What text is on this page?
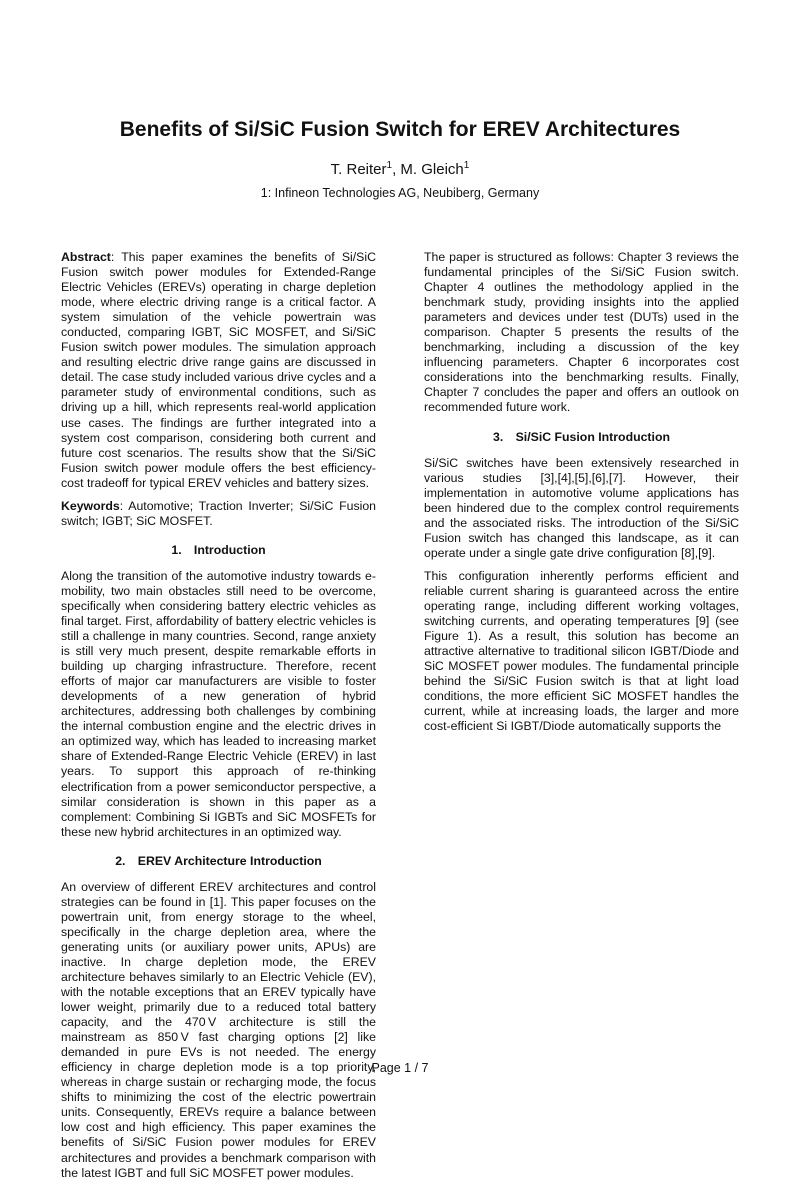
Benefits of Si/SiC Fusion Switch for EREV Architectures
T. Reiter$^1$, M. Gleich$^1$
1: Infineon Technologies AG, Neubiberg, Germany

Abstract: This paper examines the benefits of Si/SiC Fusion switch power modules for Extended-Range Electric Vehicles (EREVs) operating in charge depletion mode, where electric driving range is a critical factor. A system simulation of the vehicle powertrain was conducted, comparing IGBT, SiC MOSFET, and Si/SiC Fusion switch power modules. The simulation approach and resulting electric drive range gains are discussed in detail. The case study included various drive cycles and a parameter study of environmental conditions, such as driving up a hill, which represents real-world application use cases. The findings are further integrated into a system cost comparison, considering both current and future cost scenarios. The results show that the Si/SiC Fusion switch power module offers the best efficiency-cost tradeoff for typical EREV vehicles and battery sizes.

Keywords: Automotive; Traction Inverter; Si/SiC Fusion switch; IGBT; SiC MOSFET.

1.  Introduction

Along the transition of the automotive industry towards e-mobility, two main obstacles still need to be overcome, specifically when considering battery electric vehicles as final target. First, affordability of battery electric vehicles is still a challenge in many countries. Second, range anxiety is still very much present, despite remarkable efforts in building up charging infrastructure. Therefore, recent efforts of major car manufacturers are visible to foster developments of a new generation of hybrid architectures, addressing both challenges by combining the internal combustion engine and the electric drives in an optimized way, which has leaded to increasing market share of Extended-Range Electric Vehicle (EREV) in last years. To support this approach of re-thinking electrification from a power semiconductor perspective, a similar consideration is shown in this paper as a complement: Combining Si IGBTs and SiC MOSFETs for these new hybrid architectures in an optimized way.

2.  EREV Architecture Introduction

An overview of different EREV architectures and control strategies can be found in [1]. This paper focuses on the powertrain unit, from energy storage to the wheel, specifically in the charge depletion area, where the generating units (or auxiliary power units, APUs) are inactive. In charge depletion mode, the EREV architecture behaves similarly to an Electric Vehicle (EV), with the notable exceptions that an EREV typically have lower weight, primarily due to a reduced total battery capacity, and the 470 V architecture is still the mainstream as 850 V fast charging options [2] like demanded in pure EVs is not needed. The energy efficiency in charge depletion mode is a top priority, whereas in charge sustain or recharging mode, the focus shifts to minimizing the cost of the electric powertrain units. Consequently, EREVs require a balance between low cost and high efficiency. This paper examines the benefits of Si/SiC Fusion power modules for EREV architectures and provides a benchmark comparison with the latest IGBT and full SiC MOSFET power modules.

The paper is structured as follows: Chapter 3 reviews the fundamental principles of the Si/SiC Fusion switch. Chapter 4 outlines the methodology applied in the benchmark study, providing insights into the applied parameters and devices under test (DUTs) used in the comparison. Chapter 5 presents the results of the benchmarking, including a discussion of the key influencing parameters. Chapter 6 incorporates cost considerations into the benchmarking results. Finally, Chapter 7 concludes the paper and offers an outlook on recommended future work.

3.  Si/SiC Fusion Introduction

Si/SiC switches have been extensively researched in various studies [3],[4],[5],[6],[7]. However, their implementation in automotive volume applications has been hindered due to the complex control requirements and the associated risks. The introduction of the Si/SiC Fusion switch has changed this landscape, as it can operate under a single gate drive configuration [8],[9].

This configuration inherently performs efficient and reliable current sharing is guaranteed across the entire operating range, including different working voltages, switching currents, and operating temperatures [9] (see Figure 1). As a result, this solution has become an attractive alternative to traditional silicon IGBT/Diode and SiC MOSFET power modules. The fundamental principle behind the Si/SiC Fusion switch is that at light load conditions, the more efficient SiC MOSFET handles the current, while at increasing loads, the larger and more cost-efficient Si IGBT/Diode automatically supports the

Page 1 / 7
